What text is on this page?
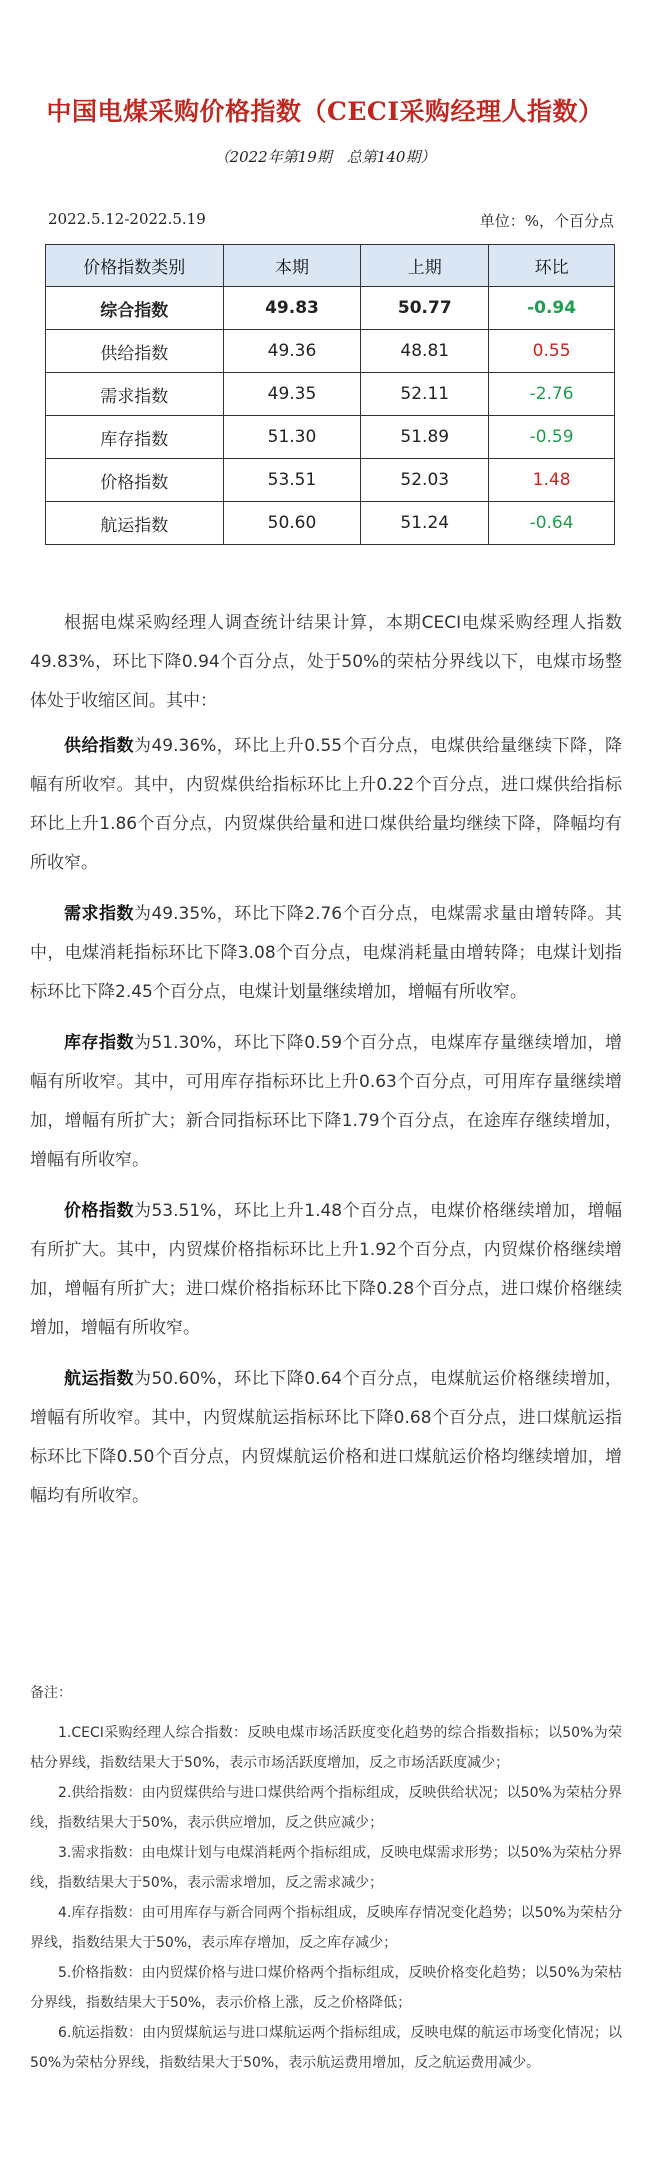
中国电煤采购价格指数（CECI采购经理人指数）
（2022年第19期　总第140期）
2022.5.12-2022.5.19	单位：%，个百分点
价格指数类别	本期	上期	环比
综合指数	49.83	50.77	-0.94
供给指数	49.36	48.81	0.55
需求指数	49.35	52.11	-2.76
库存指数	51.30	51.89	-0.59
价格指数	53.51	52.03	1.48
航运指数	50.60	51.24	-0.64

根据电煤采购经理人调查统计结果计算，本期CECI电煤采购经理人指数49.83%，环比下降0.94个百分点，处于50%的荣枯分界线以下，电煤市场整体处于收缩区间。其中：

供给指数为49.36%，环比上升0.55个百分点，电煤供给量继续下降，降幅有所收窄。其中，内贸煤供给指标环比上升0.22个百分点，进口煤供给指标环比上升1.86个百分点，内贸煤供给量和进口煤供给量均继续下降，降幅均有所收窄。

需求指数为49.35%，环比下降2.76个百分点，电煤需求量由增转降。其中，电煤消耗指标环比下降3.08个百分点，电煤消耗量由增转降；电煤计划指标环比下降2.45个百分点，电煤计划量继续增加，增幅有所收窄。

库存指数为51.30%，环比下降0.59个百分点，电煤库存量继续增加，增幅有所收窄。其中，可用库存指标环比上升0.63个百分点，可用库存量继续增加，增幅有所扩大；新合同指标环比下降1.79个百分点，在途库存继续增加，增幅有所收窄。

价格指数为53.51%，环比上升1.48个百分点，电煤价格继续增加，增幅有所扩大。其中，内贸煤价格指标环比上升1.92个百分点，内贸煤价格继续增加，增幅有所扩大；进口煤价格指标环比下降0.28个百分点，进口煤价格继续增加，增幅有所收窄。

航运指数为50.60%，环比下降0.64个百分点，电煤航运价格继续增加，增幅有所收窄。其中，内贸煤航运指标环比下降0.68个百分点，进口煤航运指标环比下降0.50个百分点，内贸煤航运价格和进口煤航运价格均继续增加，增幅均有所收窄。

备注：

1.CECI采购经理人综合指数：反映电煤市场活跃度变化趋势的综合指数指标；以50%为荣枯分界线，指数结果大于50%，表示市场活跃度增加，反之市场活跃度减少；

2.供给指数：由内贸煤供给与进口煤供给两个指标组成，反映供给状况；以50%为荣枯分界线，指数结果大于50%，表示供应增加，反之供应减少；

3.需求指数：由电煤计划与电煤消耗两个指标组成，反映电煤需求形势；以50%为荣枯分界线，指数结果大于50%，表示需求增加，反之需求减少；

4.库存指数：由可用库存与新合同两个指标组成，反映库存情况变化趋势；以50%为荣枯分界线，指数结果大于50%，表示库存增加，反之库存减少；

5.价格指数：由内贸煤价格与进口煤价格两个指标组成，反映价格变化趋势；以50%为荣枯分界线，指数结果大于50%，表示价格上涨，反之价格降低；

6.航运指数：由内贸煤航运与进口煤航运两个指标组成，反映电煤的航运市场变化情况；以50%为荣枯分界线，指数结果大于50%，表示航运费用增加，反之航运费用减少。
